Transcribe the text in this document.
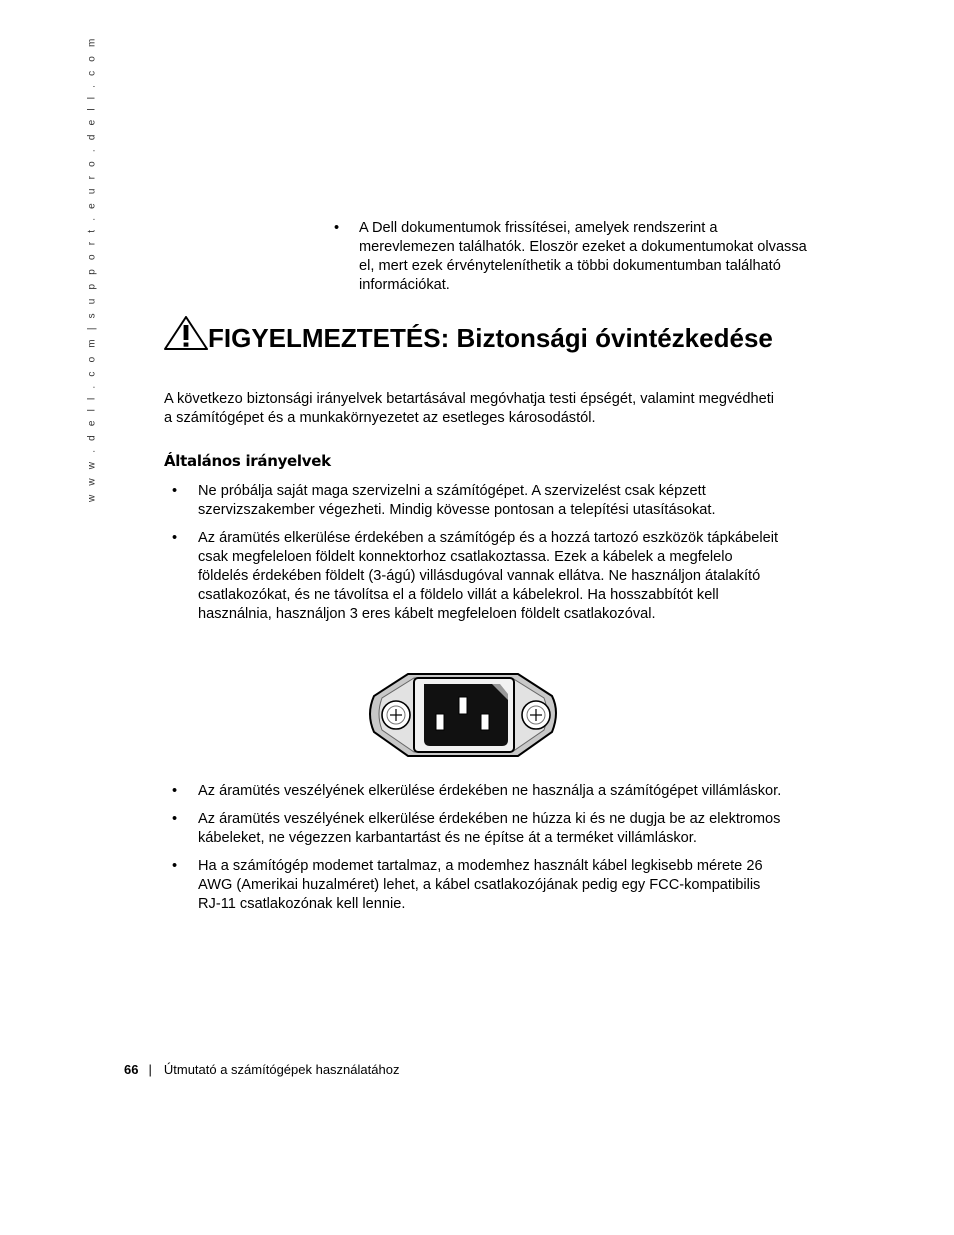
w w w . d e l l . c o m | s u p p o r t . e u r o . d e l l . c o m	• A Dell dokumentumok frissítései, amelyek rendszerint a merevlemezen találhatók. Eloször ezeket a dokumentumokat olvassa el, mert ezek érvényteleníthetik a többi dokumentumban található információkat.
FIGYELMEZTETÉS: Biztonsági óvintézkedése

A következo biztonsági irányelvek betartásával megóvhatja testi épségét, valamint megvédheti a számítógépet és a munkakörnyezetet az esetleges károsodástól.

Általános irányelvek
• Ne próbálja saját maga szervizelni a számítógépet. A szervizelést csak képzett szervizszakember végezheti. Mindig kövesse pontosan a telepítési utasításokat.
• Az áramütés elkerülése érdekében a számítógép és a hozzá tartozó eszközök tápkábeleit csak megfeleloen földelt konnektorhoz csatlakoztassa. Ezek a kábelek a megfelelo földelés érdekében földelt (3-ágú) villásdugóval vannak ellátva. Ne használjon átalakító csatlakozókat, és ne távolítsa el a földelo villát a kábelekrol. Ha hosszabbítót kell használnia, használjon 3 eres kábelt megfeleloen földelt csatlakozóval.
• Az áramütés veszélyének elkerülése érdekében ne használja a számítógépet villámláskor.
• Az áramütés veszélyének elkerülése érdekében ne húzza ki és ne dugja be az elektromos kábeleket, ne végezzen karbantartást és ne építse át a terméket villámláskor.
• Ha a számítógép modemet tartalmaz, a modemhez használt kábel legkisebb mérete 26 AWG (Amerikai huzalméret) lehet, a kábel csatlakozójának pedig egy FCC-kompatibilis RJ-11 csatlakozónak kell lennie.
66 | Útmutató a számítógépek használatához
